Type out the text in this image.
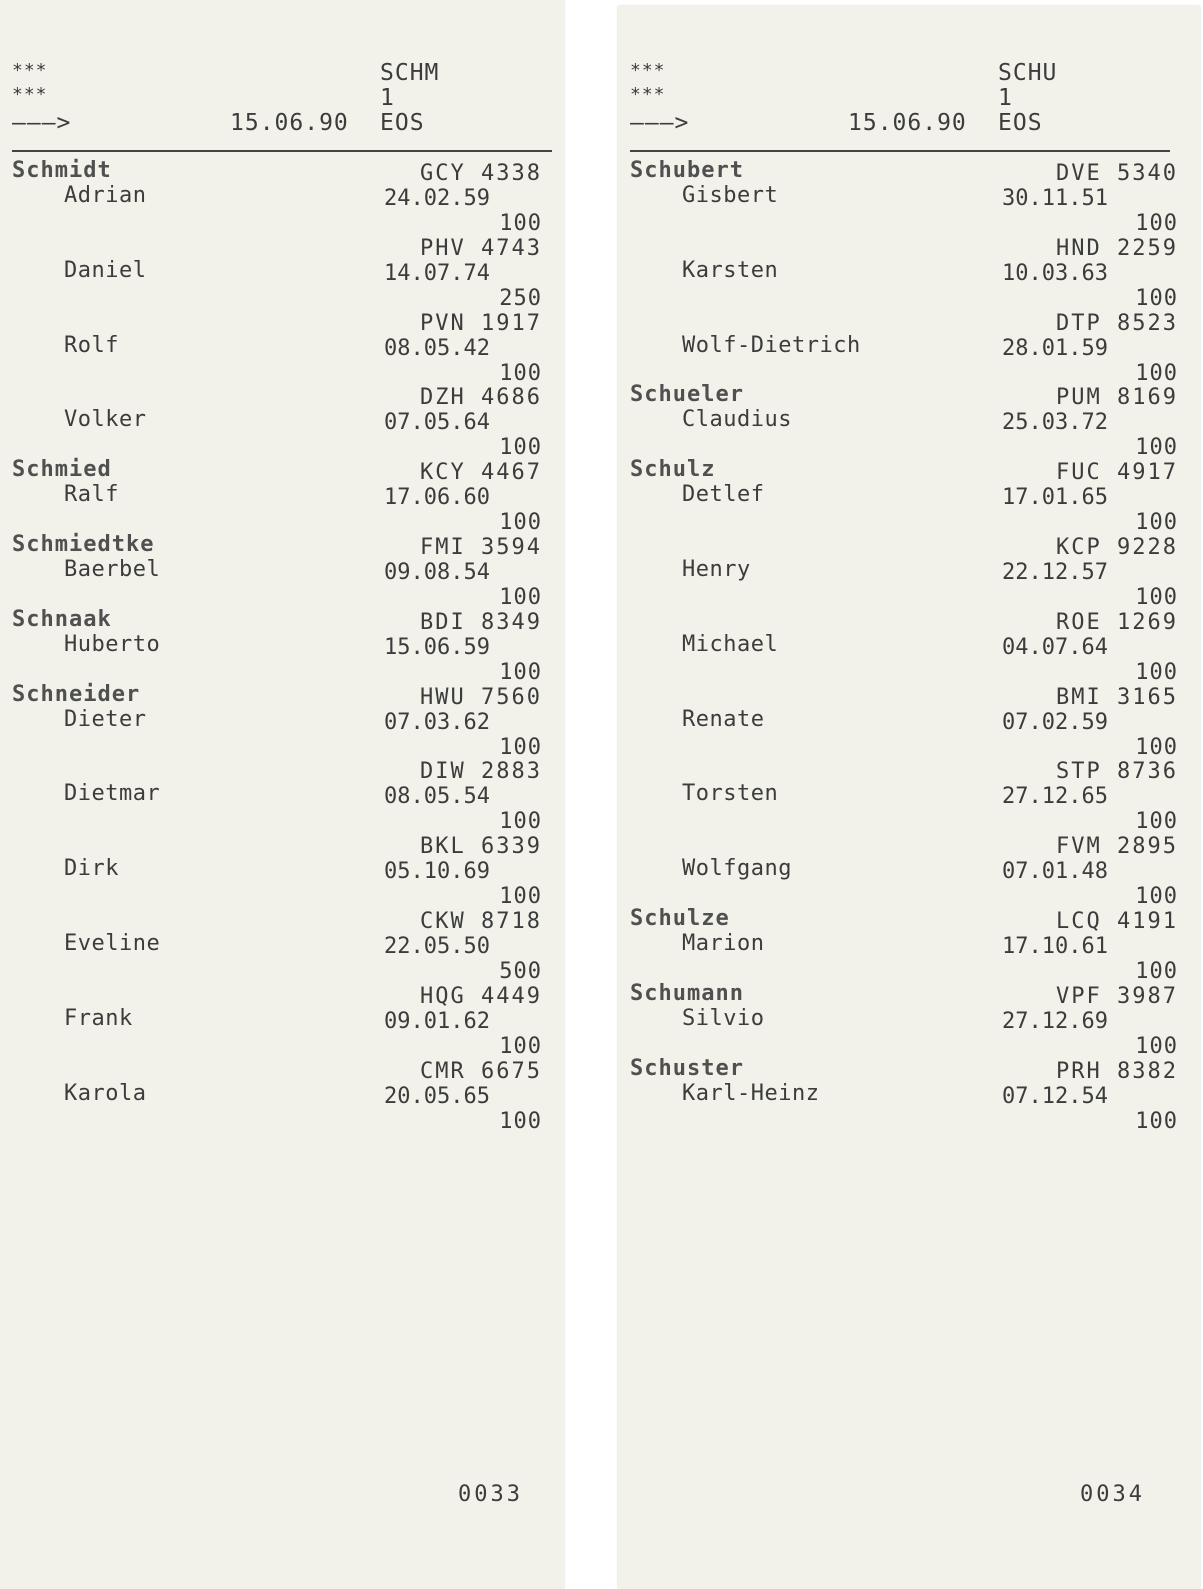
***
***
———>	15.06.90
SCHM
1
EOS
Schmidt
Adrian
GCY 4338
24.02.59
100
Daniel
PHV 4743
14.07.74
250
Rolf
PVN 1917
08.05.42
100
Volker
DZH 4686
07.05.64
100
Schmied
Ralf
KCY 4467
17.06.60
100
Schmiedtke
Baerbel
FMI 3594
09.08.54
100
Schnaak
Huberto
BDI 8349
15.06.59
100
Schneider
Dieter
HWU 7560
07.03.62
100
Dietmar
DIW 2883
08.05.54
100
Dirk
BKL 6339
05.10.69
100
Eveline
CKW 8718
22.05.50
500
Frank
HQG 4449
09.01.62
100
Karola
CMR 6675
20.05.65
100
0033
***
***
———>	15.06.90
SCHU
1
EOS
Schubert
Gisbert
DVE 5340
30.11.51
100
Karsten
HND 2259
10.03.63
100
Wolf-Dietrich
DTP 8523
28.01.59
100
Schueler
Claudius
PUM 8169
25.03.72
100
Schulz
Detlef
FUC 4917
17.01.65
100
Henry
KCP 9228
22.12.57
100
Michael
ROE 1269
04.07.64
100
Renate
BMI 3165
07.02.59
100
Torsten
STP 8736
27.12.65
100
Wolfgang
FVM 2895
07.01.48
100
Schulze
Marion
LCQ 4191
17.10.61
100
Schumann
Silvio
VPF 3987
27.12.69
100
Schuster
Karl-Heinz
PRH 8382
07.12.54
100
0034
